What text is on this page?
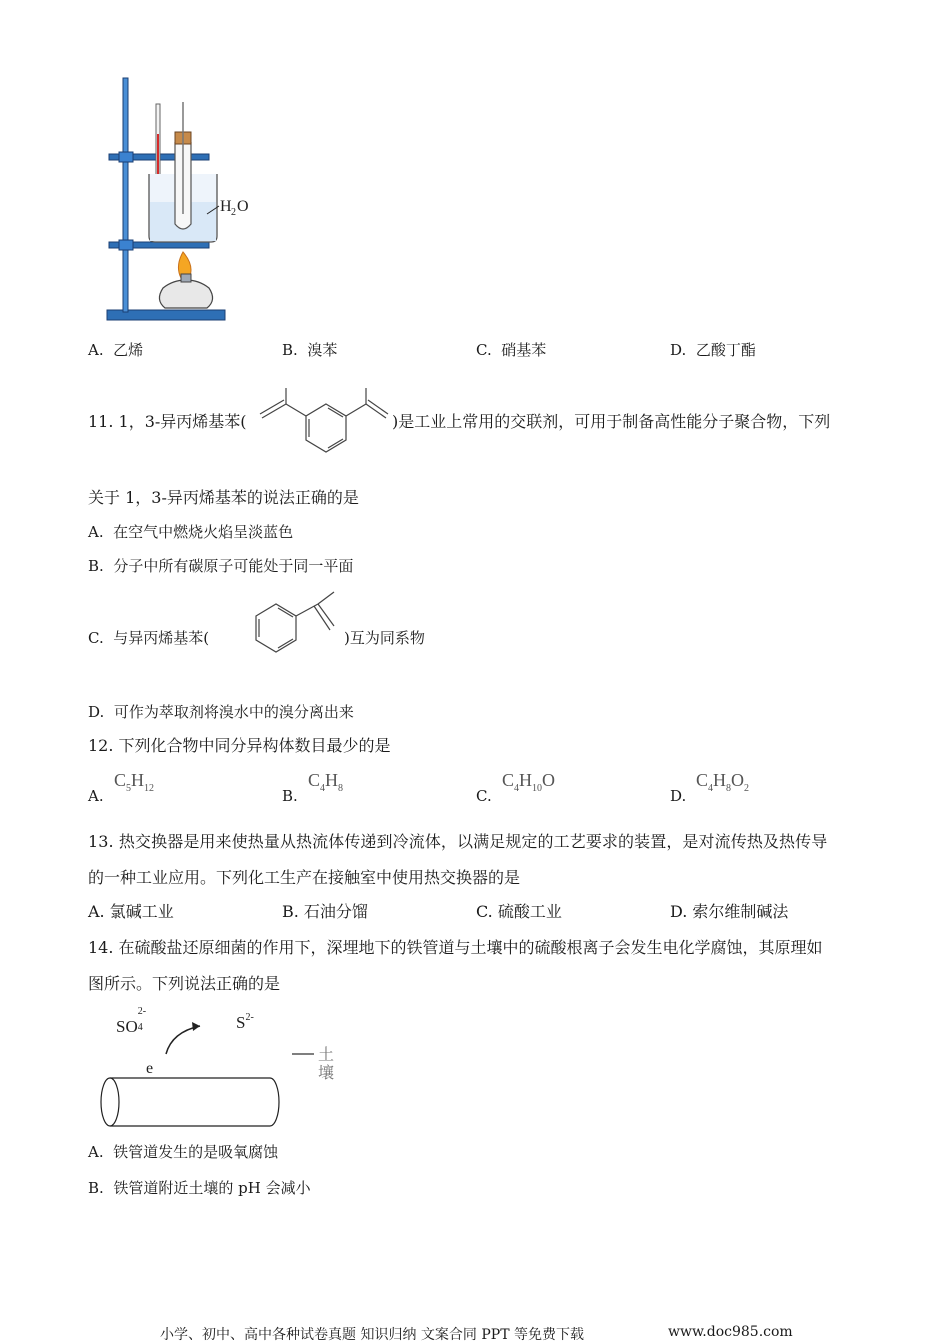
H 2 O
A. 乙烯	B. 溴苯	C. 硝基苯	D. 乙酸丁酯
11. 1，3-异丙烯基苯(	)是工业上常用的交联剂，可用于制备高性能分子聚合物，下列
关于 1，3-异丙烯基苯的说法正确的是
A. 在空气中燃烧火焰呈淡蓝色
B. 分子中所有碳原子可能处于同一平面
C. 与异丙烯基苯(	)互为同系物
D. 可作为萃取剂将溴水中的溴分离出来
12. 下列化合物中同分异构体数目最少的是
A.
$C_5H_{12}$	B.
$C_4H_8$	C.
$C_4H_{10}O$
D.
$C_4H_8O_2$
13. 热交换器是用来使热量从热流体传递到冷流体，以满足规定的工艺要求的装置，是对流传热及热传导
的一种工业应用。下列化工生产在接触室中使用热交换器的是
A. 氯碱工业	B. 石油分馏	C. 硫酸工业	D. 索尔维制碱法
14. 在硫酸盐还原细菌的作用下，深埋地下的铁管道与土壤中的硫酸根离子会发生电化学腐蚀，其原理如
图所示。下列说法正确的是
SO
2-
4	$S^{2-}$
e
土
壤
A. 铁管道发生的是吸氧腐蚀
B. 铁管道附近土壤的 pH 会减小
小学、初中、高中各种试卷真题 知识归纳 文案合同 PPT 等免费下载	www.doc985.com
